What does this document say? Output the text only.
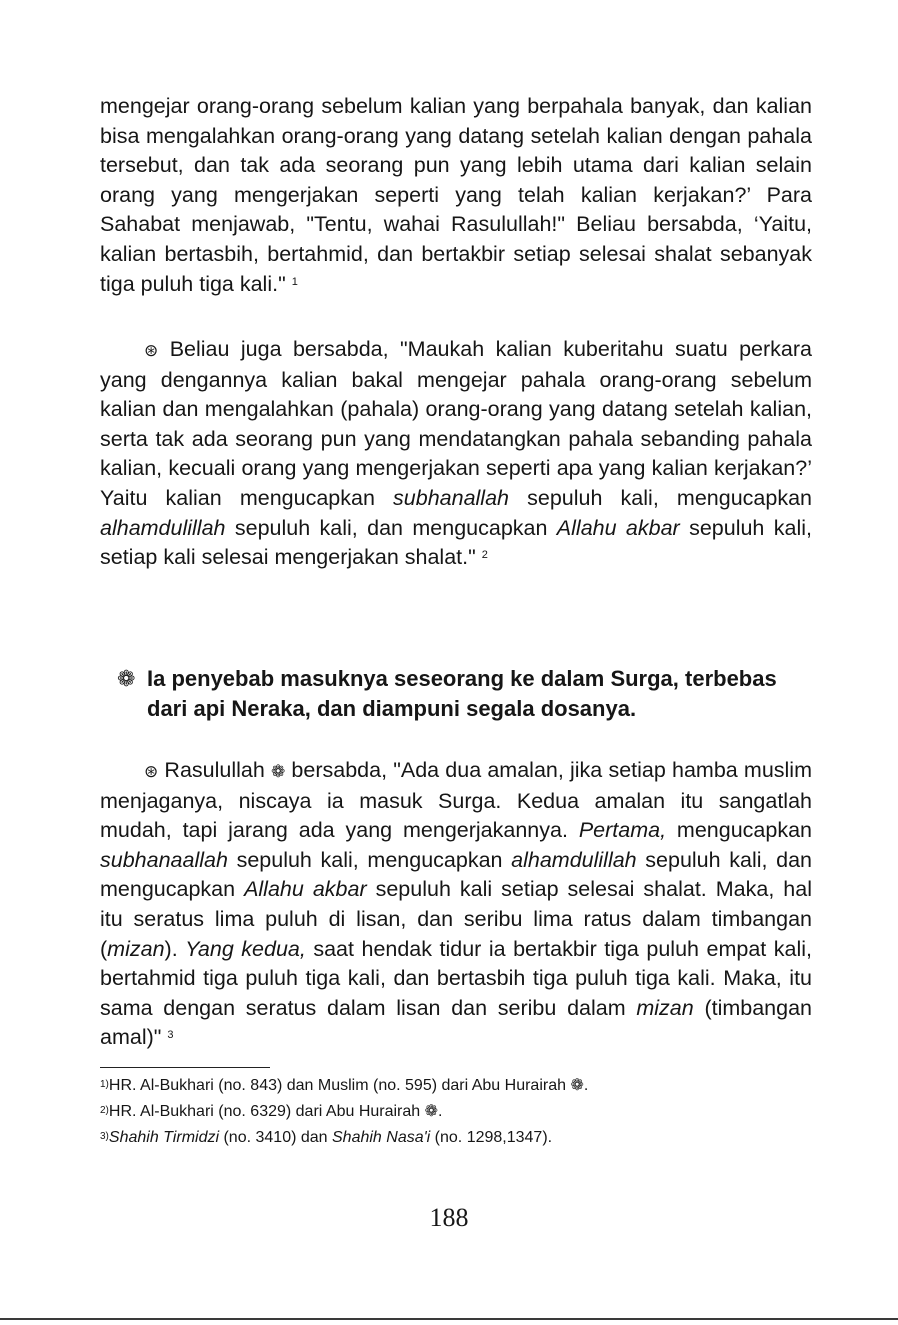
mengejar orang-orang sebelum kalian yang berpahala banyak, dan kalian bisa mengalahkan orang-orang yang datang setelah kalian dengan pahala tersebut, dan tak ada seorang pun yang lebih utama dari kalian selain orang yang mengerjakan seperti yang telah kalian kerjakan?’ Para Sahabat menjawab, "Tentu, wahai Rasulullah!" Beliau bersabda, ‘Yaitu, kalian bertasbih, bertahmid, dan bertakbir setiap selesai shalat sebanyak tiga puluh tiga kali." $^1$

⊛ Beliau juga bersabda, "Maukah kalian kuberitahu suatu perkara yang dengannya kalian bakal mengejar pahala orang-orang sebelum kalian dan mengalahkan (pahala) orang-orang yang datang setelah kalian, serta tak ada seorang pun yang mendatangkan pahala sebanding pahala kalian, kecuali orang yang mengerjakan seperti apa yang kalian kerjakan?’ Yaitu kalian mengucapkan subhanallah sepuluh kali, mengucapkan alhamdulillah sepuluh kali, dan mengucapkan Allahu akbar sepuluh kali, setiap kali selesai mengerjakan shalat." $^2$

❁ Ia penyebab masuknya seseorang ke dalam Surga, terbebas dari api Neraka, dan diampuni segala dosanya.

⊛ Rasulullah ❁ bersabda, "Ada dua amalan, jika setiap hamba muslim menjaganya, niscaya ia masuk Surga. Kedua amalan itu sangatlah mudah, tapi jarang ada yang mengerjakannya. Pertama, mengucapkan subhanaallah sepuluh kali, mengucapkan alhamdulillah sepuluh kali, dan mengucapkan Allahu akbar sepuluh kali setiap selesai shalat. Maka, hal itu seratus lima puluh di lisan, dan seribu lima ratus dalam timbangan (mizan). Yang kedua, saat hendak tidur ia bertakbir tiga puluh empat kali, bertahmid tiga puluh tiga kali, dan bertasbih tiga puluh tiga kali. Maka, itu sama dengan seratus dalam lisan dan seribu dalam mizan (timbangan amal)" $^3$

$^{1)}$HR. Al-Bukhari (no. 843) dan Muslim (no. 595) dari Abu Hurairah ❁.

$^{2)}$HR. Al-Bukhari (no. 6329) dari Abu Hurairah ❁.

$^{3)}$Shahih Tirmidzi (no. 3410) dan Shahih Nasa'i (no. 1298,1347).

188
